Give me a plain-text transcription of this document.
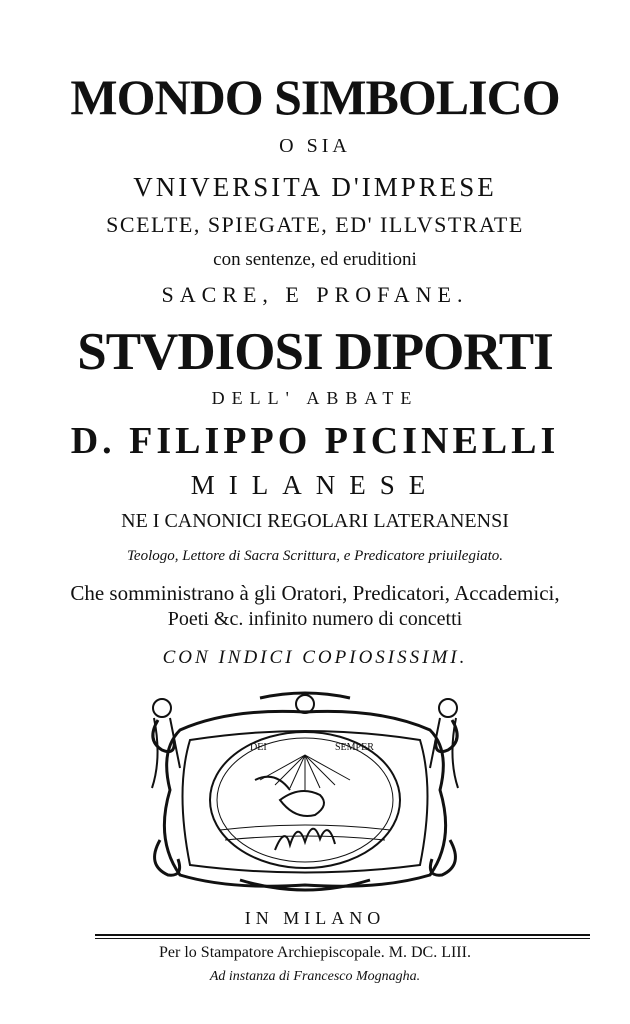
MONDO SIMBOLICO
O SIA
VNIVERSITA D'IMPRESE
SCELTE, SPIEGATE, ED' ILLVSTRATE
con sentenze, ed eruditioni
SACRE, E PROFANE.
STVDIOSI DIPORTI
DELL' ABBATE
D. FILIPPO PICINELLI
MILANESE
NE I CANONICI REGOLARI LATERANENSI
Teologo, Lettore di Sacra Scrittura, e Predicatore priuilegiato.
Che somministrano à gli Oratori, Predicatori, Accademici,
Poeti &c. infinito numero di concetti
CON INDICI COPIOSISSIMI.
DEI	SEMPER
IN MILANO
Per lo Stampatore Archiepiscopale. M. DC. LIII.
Ad instanza di Francesco Mognagha.
